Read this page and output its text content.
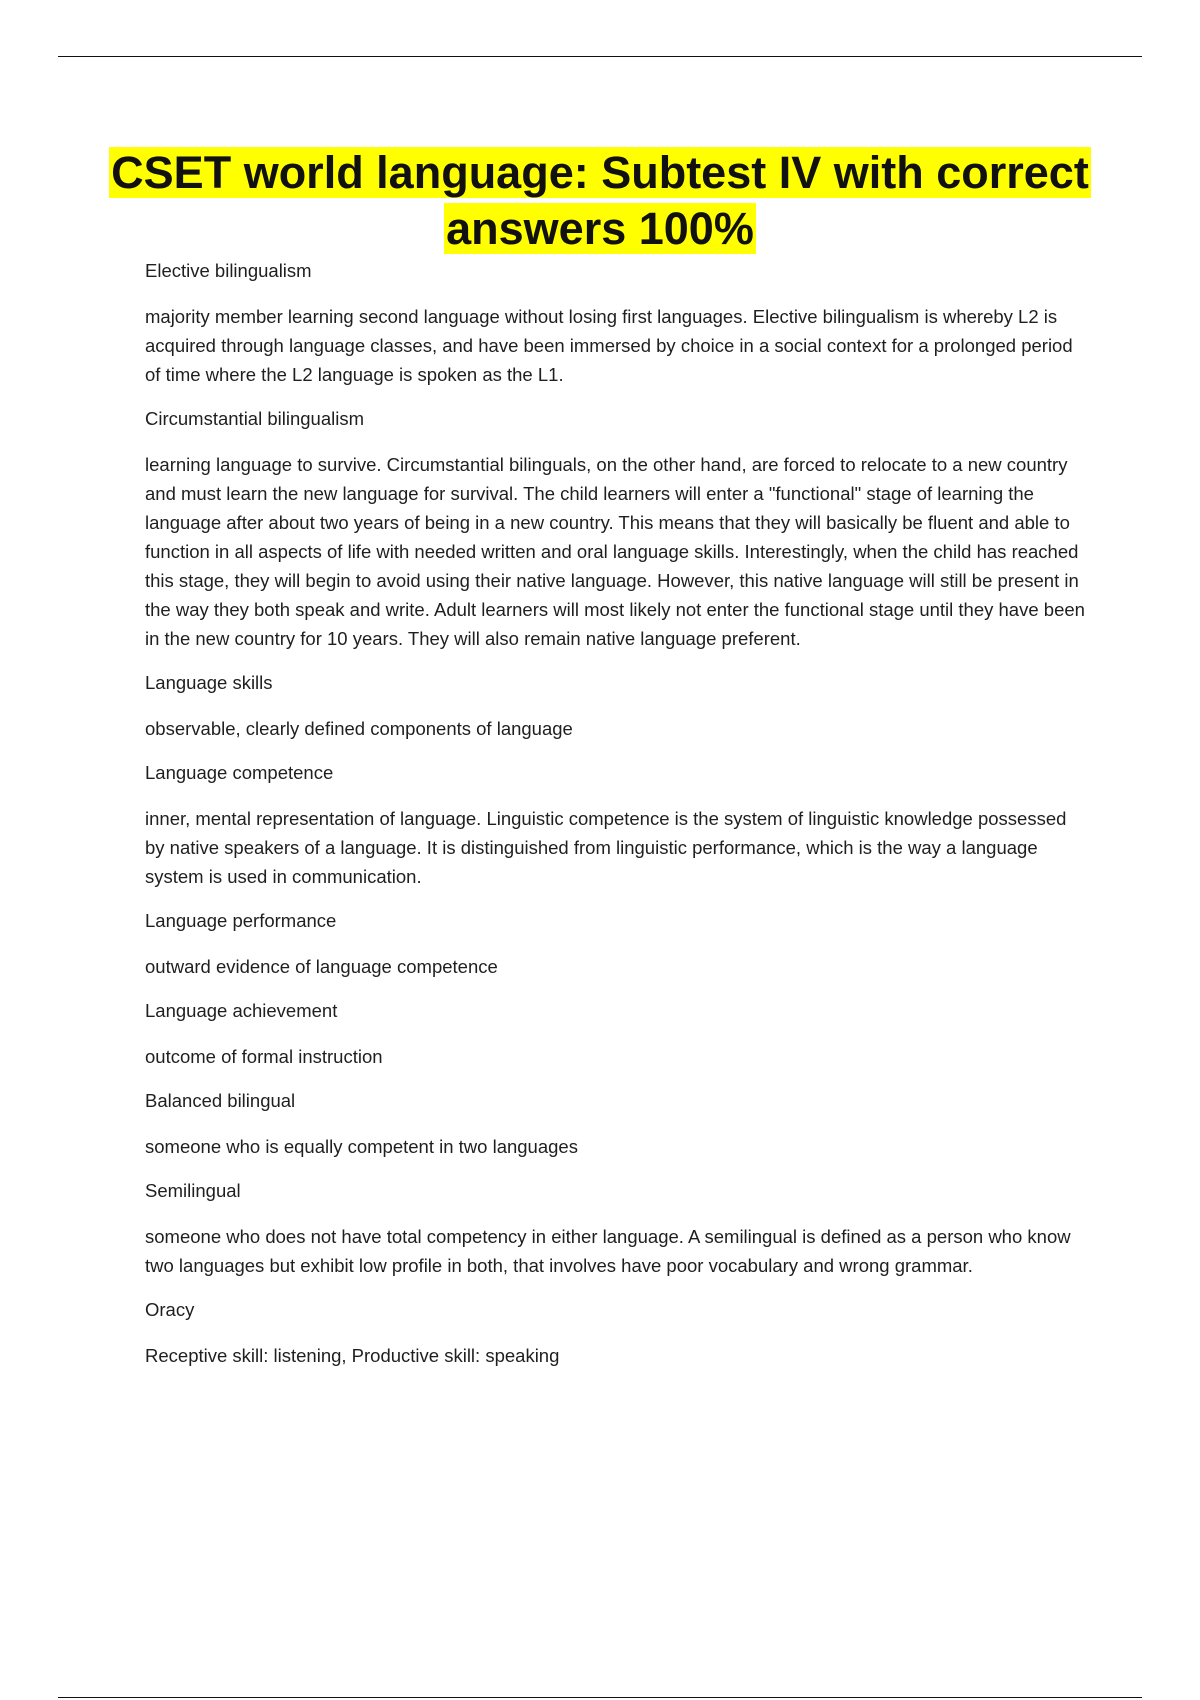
CSET world language: Subtest IV with correct answers 100%

Elective bilingualism

majority member learning second language without losing first languages. Elective bilingualism is whereby L2 is acquired through language classes, and have been immersed by choice in a social context for a prolonged period of time where the L2 language is spoken as the L1.

Circumstantial bilingualism

learning language to survive. Circumstantial bilinguals, on the other hand, are forced to relocate to a new country and must learn the new language for survival. The child learners will enter a "functional" stage of learning the language after about two years of being in a new country. This means that they will basically be fluent and able to function in all aspects of life with needed written and oral language skills. Interestingly, when the child has reached this stage, they will begin to avoid using their native language. However, this native language will still be present in the way they both speak and write. Adult learners will most likely not enter the functional stage until they have been in the new country for 10 years. They will also remain native language preferent.

Language skills

observable, clearly defined components of language

Language competence

inner, mental representation of language. Linguistic competence is the system of linguistic knowledge possessed by native speakers of a language. It is distinguished from linguistic performance, which is the way a language system is used in communication.

Language performance

outward evidence of language competence

Language achievement

outcome of formal instruction

Balanced bilingual

someone who is equally competent in two languages

Semilingual

someone who does not have total competency in either language. A semilingual is defined as a person who know two languages but exhibit low profile in both, that involves have poor vocabulary and wrong grammar.

Oracy

Receptive skill: listening, Productive skill: speaking
